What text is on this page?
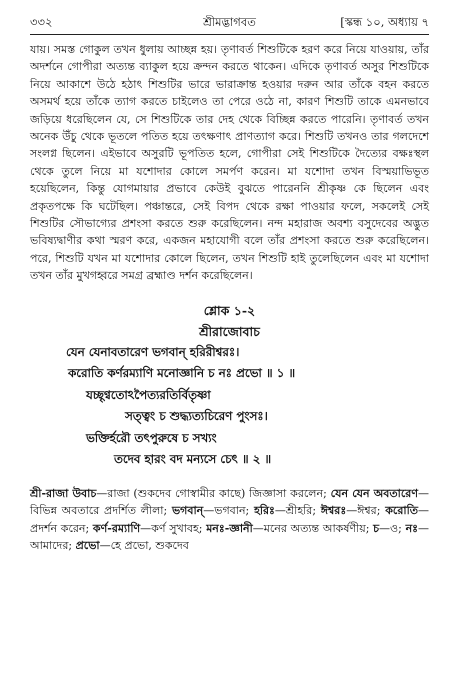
৩৩২	শ্রীমদ্ভাগবত	[স্কন্ধ ১০, অধ্যায় ৭

যায়। সমস্ত গোকুল তখন ধুলায় আচ্ছন্ন হয়। তৃণাবর্ত শিশুটিকে হরণ করে নিয়ে যাওয়ায়, তাঁর অদর্শনে গোপীরা অত্যন্ত ব্যাকুল হয়ে ক্রন্দন করতে থাকেন। এদিকে তৃণাবর্ত অসুর শিশুটিকে নিয়ে আকাশে উঠে হঠাৎ শিশুটির ভারে ভারাক্রান্ত হওয়ার দরুন আর তাঁকে বহন করতে অসমর্থ হয়ে তাঁকে ত্যাগ করতে চাইলেও তা পেরে ওঠে না, কারণ শিশুটি তাকে এমনভাবে জড়িয়ে ধরেছিলেন যে, সে শিশুটিকে তার দেহ থেকে বিচ্ছিন্ন করতে পারেনি। তৃণাবর্ত তখন অনেক উঁচু থেকে ভূতলে পতিত হয়ে তৎক্ষণাৎ প্রাণত্যাগ করে। শিশুটি তখনও তার গলদেশে সংলগ্ন ছিলেন। এইভাবে অসুরটি ভূপতিত হলে, গোপীরা সেই শিশুটিকে দৈত্যের বক্ষঃস্থল থেকে তুলে নিয়ে মা যশোদার কোলে সমর্পণ করেন। মা যশোদা তখন বিস্ময়াভিভূত হয়েছিলেন, কিন্তু যোগমায়ার প্রভাবে কেউই বুঝতে পারেননি শ্রীকৃষ্ণ কে ছিলেন এবং প্রকৃতপক্ষে কি ঘটেছিল। পঞ্চান্তরে, সেই বিপদ থেকে রক্ষা পাওয়ার ফলে, সকলেই সেই শিশুটির সৌভাগ্যের প্রশংসা করতে শুরু করেছিলেন। নন্দ মহারাজ অবশ্য বসুদেবের অদ্ভুত ভবিষ্যদ্বাণীর কথা স্মরণ করে, একজন মহাযোগী বলে তাঁর প্রশংসা করতে শুরু করেছিলেন। পরে, শিশুটি যখন মা যশোদার কোলে ছিলেন, তখন শিশুটি হাই তুলেছিলেন এবং মা যশোদা তখন তাঁর মুখগহ্বরে সমগ্র ব্রহ্মাণ্ড দর্শন করেছিলেন।

শ্লোক ১-২
শ্রীরাজোবাচ
যেন যেনাবতারেণ ভগবান্ হরিরীশ্বরঃ।
করোতি কর্ণরম্যাণি মনোজ্ঞানি চ নঃ প্রভো ॥ ১ ॥
যচ্ছৃণ্বতোঽপৈত্যরতির্বিতৃষ্ণা
সত্ত্বং চ শুদ্ধ্যত্যচিরেণ পুংসঃ।
ভক্তির্হরৌ তৎপুরুষে চ সখ্যং
তদেব হারং বদ মন্যসে চেৎ ॥ ২ ॥
শ্রী-রাজা উবাচ—রাজা (শুকদেব গোস্বামীর কাছে) জিজ্ঞাসা করলেন; যেন যেন অবতারেণ—বিভিন্ন অবতারে প্রদর্শিত লীলা; ভগবান্—ভগবান; হরিঃ—শ্রীহরি; ঈশ্বরঃ—ঈশ্বর; করোতি—প্রদর্শন করেন; কর্ণ-রম্যাণি—কর্ণ সুখাবহ; মনঃ-জ্ঞানী—মনের অত্যন্ত আকর্ষণীয়; চ—ও; নঃ—আমাদের; প্রভো—হে প্রভো, শুকদেব
